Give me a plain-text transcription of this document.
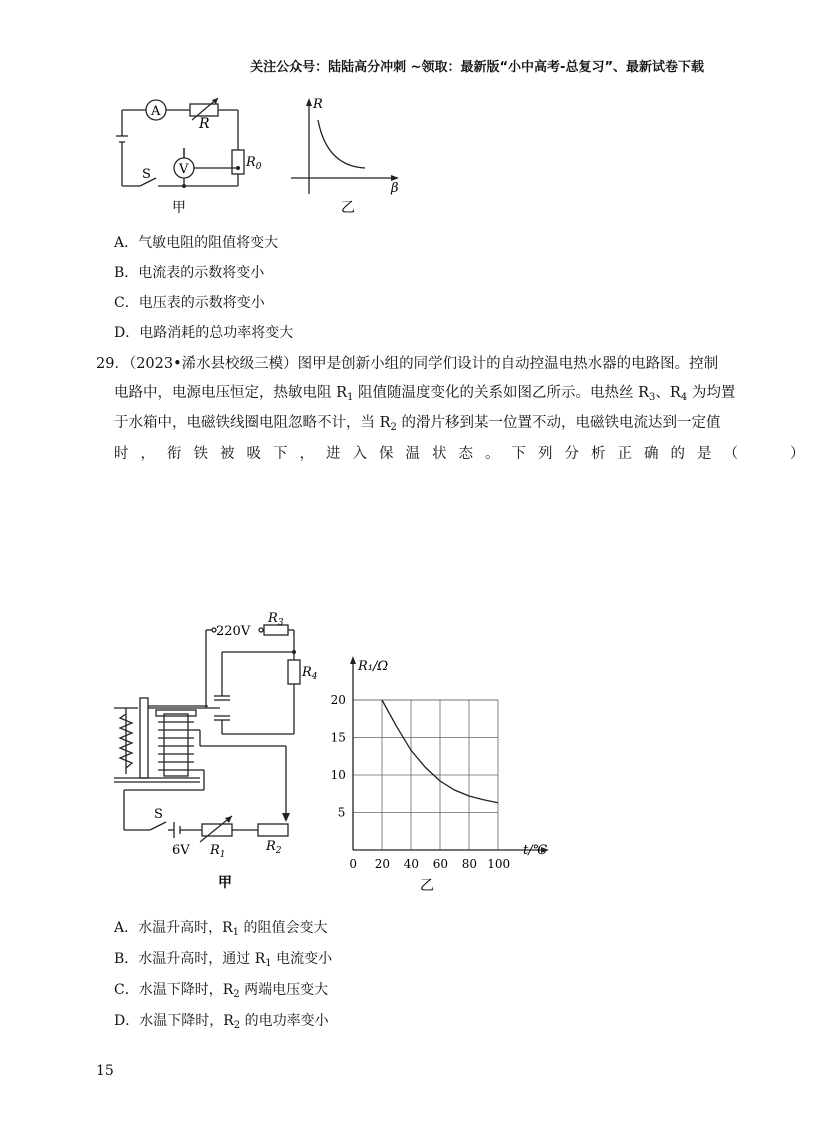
关注公众号：陆陆高分冲刺 ~领取：最新版“小中高考-总复习”、最新试卷下载
A
V
R
$R_0$
S
甲
R
β
乙
A．气敏电阻的阻值将变大
B．电流表的示数将变小
C．电压表的示数将变小
D．电路消耗的总功率将变大
29．（2023•浠水县校级三模）图甲是创新小组的同学们设计的自动控温电热水器的电路图。控制
电路中，电源电压恒定，热敏电阻 $R_1$ 阻值随温度变化的关系如图乙所示。电热丝 $R_3$、$R_4$ 为均置
于水箱中，电磁铁线圈电阻忽略不计，当 $R_2$ 的滑片移到某一位置不动，电磁铁电流达到一定值
时，衔铁被吸下，进入保温状态。下列分析正确的是（	）
220V
$R_3$
$R_4$
S
6V $R_1$
$R_2$
甲
0 20 40 60 80 100
5
10
15
20
R₁/Ω
t/℃
乙
A．水温升高时，$R_1$ 的阻值会变大
B．水温升高时，通过 $R_1$ 电流变小
C．水温下降时，$R_2$ 两端电压变大
D．水温下降时，$R_2$ 的电功率变小
15
